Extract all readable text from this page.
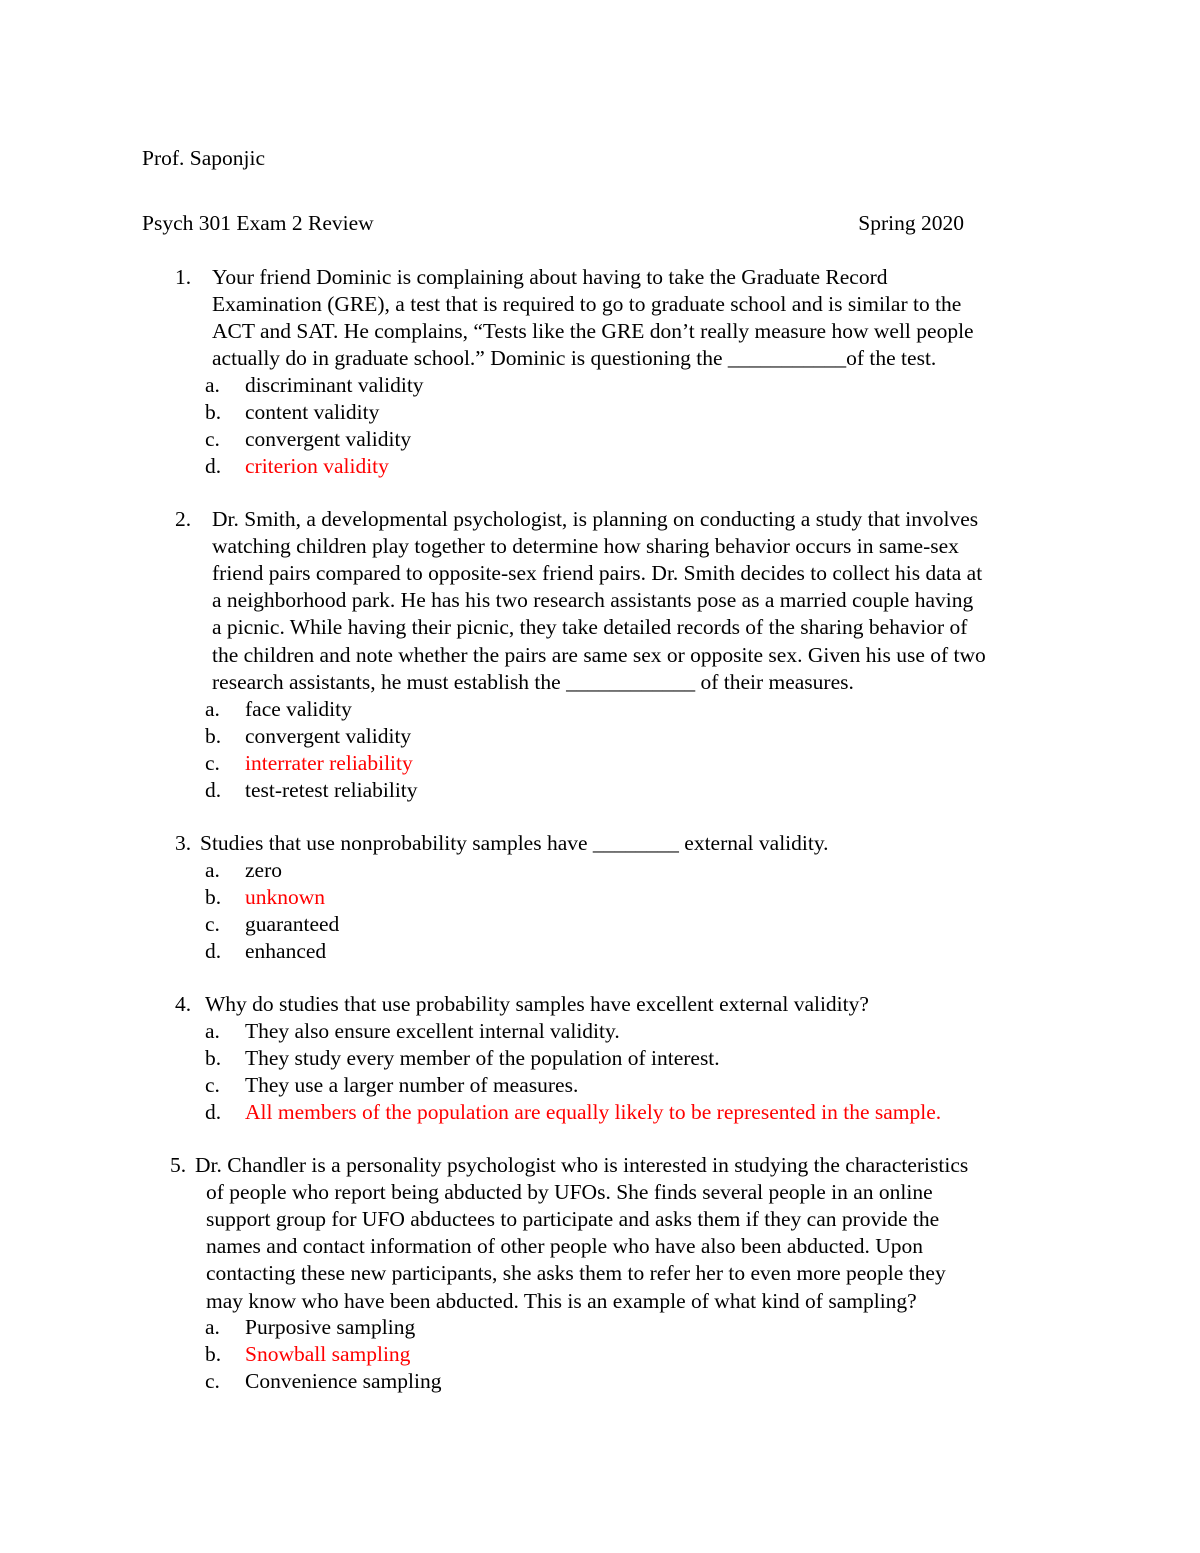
Prof. Saponjic
Psych 301 Exam 2 Review	Spring 2020
1. Your friend Dominic is complaining about having to take the Graduate Record
Examination (GRE), a test that is required to go to graduate school and is similar to the
ACT and SAT. He complains, “Tests like the GRE don’t really measure how well people
actually do in graduate school.” Dominic is questioning the ___________of the test.
a. discriminant validity
b. content validity
c. convergent validity
d. criterion validity
2. Dr. Smith, a developmental psychologist, is planning on conducting a study that involves
watching children play together to determine how sharing behavior occurs in same-sex
friend pairs compared to opposite-sex friend pairs. Dr. Smith decides to collect his data at
a neighborhood park. He has his two research assistants pose as a married couple having
a picnic. While having their picnic, they take detailed records of the sharing behavior of
the children and note whether the pairs are same sex or opposite sex. Given his use of two
research assistants, he must establish the ____________ of their measures.
a. face validity
b. convergent validity
c. interrater reliability
d. test-retest reliability
3. Studies that use nonprobability samples have ________ external validity.
a. zero
b. unknown
c. guaranteed
d. enhanced
4. Why do studies that use probability samples have excellent external validity?
a. They also ensure excellent internal validity.
b. They study every member of the population of interest.
c. They use a larger number of measures.
d. All members of the population are equally likely to be represented in the sample.
5. Dr. Chandler is a personality psychologist who is interested in studying the characteristics
of people who report being abducted by UFOs. She finds several people in an online
support group for UFO abductees to participate and asks them if they can provide the
names and contact information of other people who have also been abducted. Upon
contacting these new participants, she asks them to refer her to even more people they
may know who have been abducted. This is an example of what kind of sampling?
a. Purposive sampling
b. Snowball sampling
c. Convenience sampling
